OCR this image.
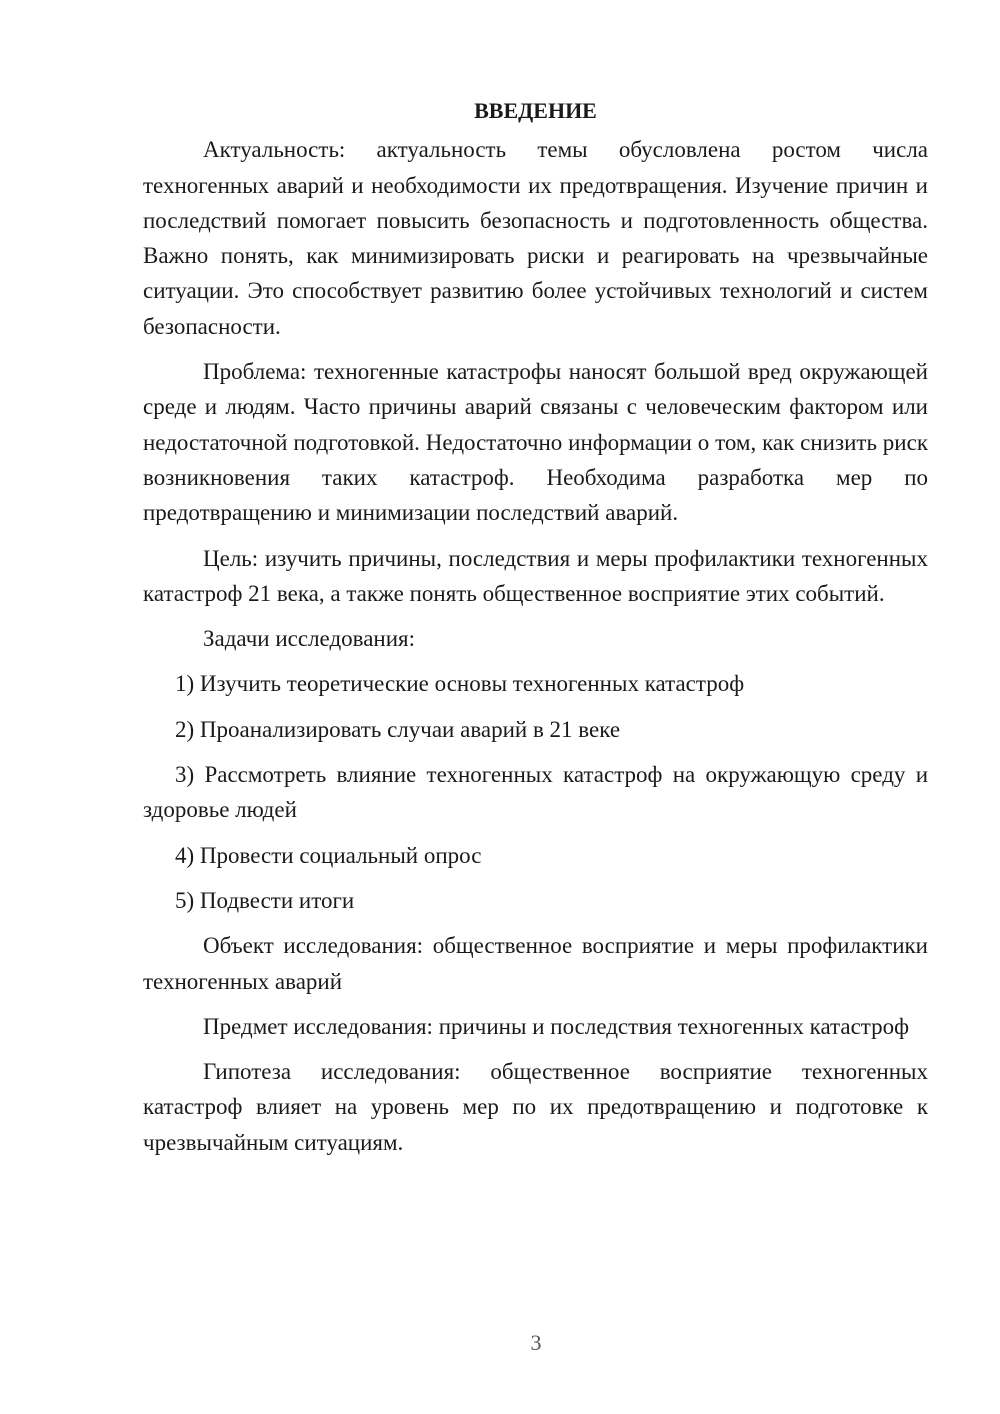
ВВЕДЕНИЕ

Актуальность: актуальность темы обусловлена ростом числа техногенных аварий и необходимости их предотвращения. Изучение причин и последствий помогает повысить безопасность и подготовленность общества. Важно понять, как минимизировать риски и реагировать на чрезвычайные ситуации. Это способствует развитию более устойчивых технологий и систем безопасности.

Проблема: техногенные катастрофы наносят большой вред окружающей среде и людям. Часто причины аварий связаны с человеческим фактором или недостаточной подготовкой. Недостаточно информации о том, как снизить риск возникновения таких катастроф. Необходима разработка мер по предотвращению и минимизации последствий аварий.

Цель: изучить причины, последствия и меры профилактики техногенных катастроф 21 века, а также понять общественное восприятие этих событий.

Задачи исследования:

1) Изучить теоретические основы техногенных катастроф

2) Проанализировать случаи аварий в 21 веке

3) Рассмотреть влияние техногенных катастроф на окружающую среду и здоровье людей

4) Провести социальный опрос

5) Подвести итоги

Объект исследования: общественное восприятие и меры профилактики техногенных аварий

Предмет исследования: причины и последствия техногенных катастроф

Гипотеза исследования: общественное восприятие техногенных катастроф влияет на уровень мер по их предотвращению и подготовке к чрезвычайным ситуациям.

3
